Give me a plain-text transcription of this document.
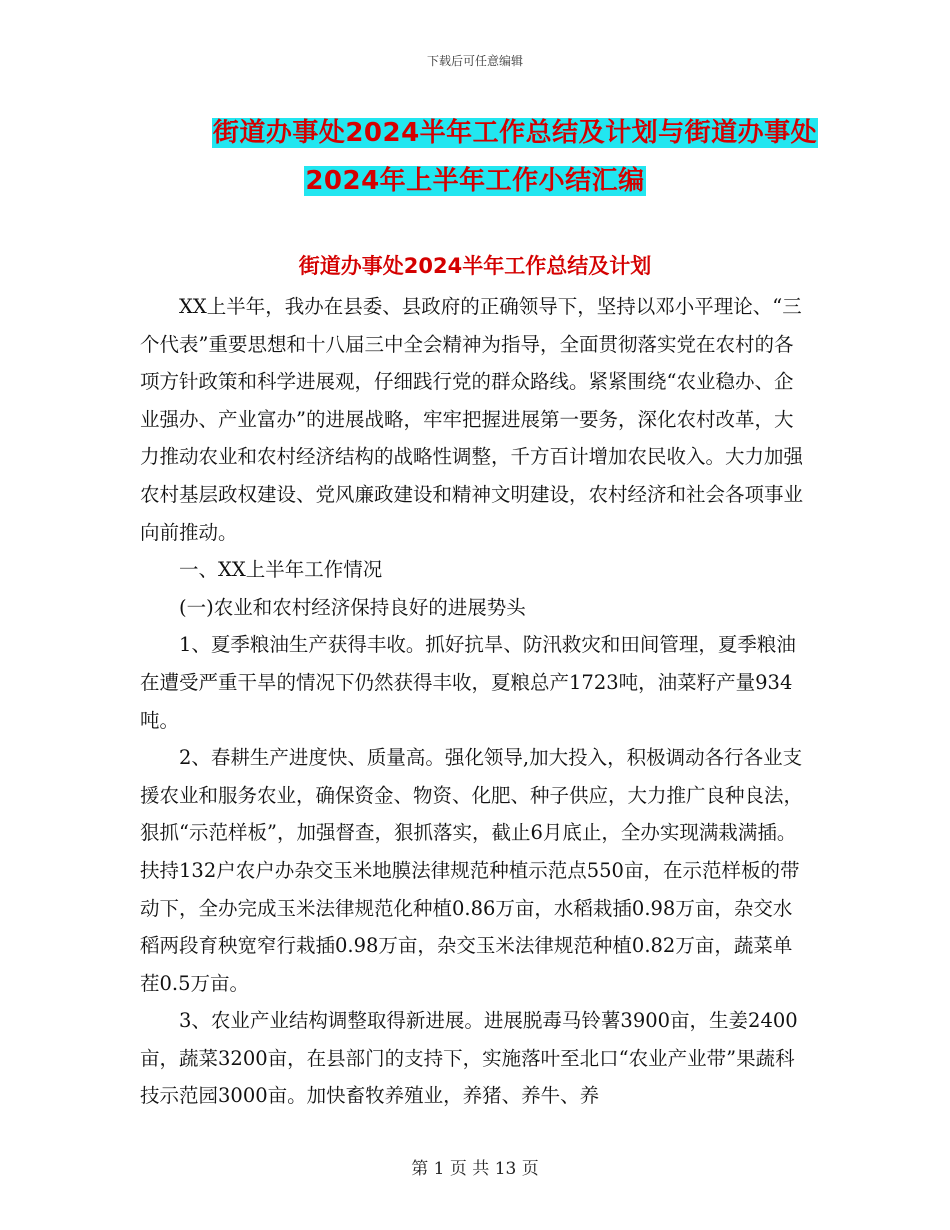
下载后可任意编辑
街道办事处2024半年工作总结及计划与街道办事处
2024年上半年工作小结汇编
街道办事处2024半年工作总结及计划

XX上半年，我办在县委、县政府的正确领导下，坚持以邓小平理论、“三个代表”重要思想和十八届三中全会精神为指导，全面贯彻落实党在农村的各项方针政策和科学进展观，仔细践行党的群众路线。紧紧围绕“农业稳办、企业强办、产业富办”的进展战略，牢牢把握进展第一要务，深化农村改革，大力推动农业和农村经济结构的战略性调整，千方百计增加农民收入。大力加强农村基层政权建设、党风廉政建设和精神文明建设，农村经济和社会各项事业向前推动。

一、XX上半年工作情况

(一)农业和农村经济保持良好的进展势头

1、夏季粮油生产获得丰收。抓好抗旱、防汛救灾和田间管理，夏季粮油在遭受严重干旱的情况下仍然获得丰收，夏粮总产1723吨，油菜籽产量934吨。

2、春耕生产进度快、质量高。强化领导,加大投入，积极调动各行各业支援农业和服务农业，确保资金、物资、化肥、种子供应，大力推广良种良法，狠抓“示范样板”，加强督查，狠抓落实，截止6月底止，全办实现满栽满插。扶持132户农户办杂交玉米地膜法律规范种植示范点550亩，在示范样板的带动下，全办完成玉米法律规范化种植0.86万亩，水稻栽插0.98万亩，杂交水稻两段育秧宽窄行栽插0.98万亩，杂交玉米法律规范种植0.82万亩，蔬菜单茬0.5万亩。

3、农业产业结构调整取得新进展。进展脱毒马铃薯3900亩，生姜2400亩，蔬菜3200亩，在县部门的支持下，实施落叶至北口“农业产业带”果蔬科技示范园3000亩。加快畜牧养殖业，养猪、养牛、养

第 1 页 共 13 页
